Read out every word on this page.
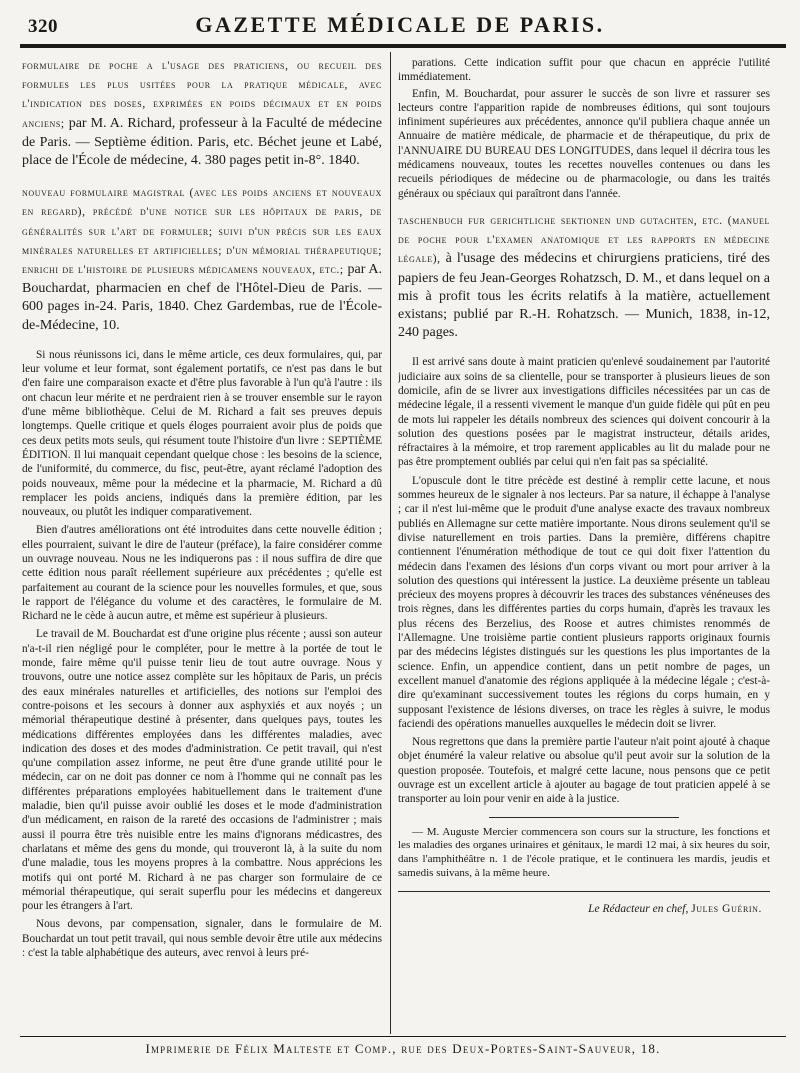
320	GAZETTE MÉDICALE DE PARIS.
formulaire de poche a l'usage des praticiens, ou recueil des formules les plus usitées pour la pratique médicale, avec l'indication des doses, exprimées en poids décimaux et en poids anciens; par M. A. Richard, professeur à la Faculté de médecine de Paris. — Septième édition. Paris, etc. Béchet jeune et Labé, place de l'École de médecine, 4. 380 pages petit in-8°. 1840.
nouveau formulaire magistral (avec les poids anciens et nouveaux en regard), précédé d'une notice sur les hôpitaux de paris, de généralités sur l'art de formuler; suivi d'un précis sur les eaux minérales naturelles et artificielles; d'un mémorial thérapeutique; enrichi de l'histoire de plusieurs médicamens nouveaux, etc.; par A. Bouchardat, pharmacien en chef de l'Hôtel-Dieu de Paris. — 600 pages in-24. Paris, 1840. Chez Gardembas, rue de l'École-de-Médecine, 10.

Si nous réunissons ici, dans le même article, ces deux formulaires, qui, par leur volume et leur format, sont également portatifs, ce n'est pas dans le but d'en faire une comparaison exacte et d'être plus favorable à l'un qu'à l'autre : ils ont chacun leur mérite et ne perdraient rien à se trouver ensemble sur le rayon d'une même bibliothèque. Celui de M. Richard a fait ses preuves depuis longtemps. Quelle critique et quels éloges pourraient avoir plus de poids que ces deux petits mots seuls, qui résument toute l'histoire d'un livre : SEPTIÈME ÉDITION. Il lui manquait cependant quelque chose : les besoins de la science, de l'uniformité, du commerce, du fisc, peut-être, ayant réclamé l'adoption des poids nouveaux, même pour la médecine et la pharmacie, M. Richard a dû remplacer les poids anciens, indiqués dans la première édition, par les nouveaux, ou plutôt les indiquer comparativement.

Bien d'autres améliorations ont été introduites dans cette nouvelle édition ; elles pourraient, suivant le dire de l'auteur (préface), la faire considérer comme un ouvrage nouveau. Nous ne les indiquerons pas : il nous suffira de dire que cette édition nous paraît réellement supérieure aux précédentes ; qu'elle est parfaitement au courant de la science pour les nouvelles formules, et que, sous le rapport de l'élégance du volume et des caractères, le formulaire de M. Richard ne le cède à aucun autre, et même est supérieur à plusieurs.

Le travail de M. Bouchardat est d'une origine plus récente ; aussi son auteur n'a-t-il rien négligé pour le compléter, pour le mettre à la portée de tout le monde, faire même qu'il puisse tenir lieu de tout autre ouvrage. Nous y trouvons, outre une notice assez complète sur les hôpitaux de Paris, un précis des eaux minérales naturelles et artificielles, des notions sur l'emploi des contre-poisons et les secours à donner aux asphyxiés et aux noyés ; un mémorial thérapeutique destiné à présenter, dans quelques pays, toutes les médications différentes employées dans les différentes maladies, avec indication des doses et des modes d'administration. Ce petit travail, qui n'est qu'une compilation assez informe, ne peut être d'une grande utilité pour le médecin, car on ne doit pas donner ce nom à l'homme qui ne connaît pas les différentes préparations employées habituellement dans le traitement d'une maladie, bien qu'il puisse avoir oublié les doses et le mode d'administration d'un médicament, en raison de la rareté des occasions de l'administrer ; mais aussi il pourra être très nuisible entre les mains d'ignorans médicastres, des charlatans et même des gens du monde, qui trouveront là, à la suite du nom d'une maladie, tous les moyens propres à la combattre. Nous apprécions les motifs qui ont porté M. Richard à ne pas charger son formulaire de ce mémorial thérapeutique, qui serait superflu pour les médecins et dangereux pour les étrangers à l'art.

Nous devons, par compensation, signaler, dans le formulaire de M. Bouchardat un tout petit travail, qui nous semble devoir être utile aux médecins : c'est la table alphabétique des auteurs, avec renvoi à leurs pré-

parations. Cette indication suffit pour que chacun en apprécie l'utilité immédiatement.

Enfin, M. Bouchardat, pour assurer le succès de son livre et rassurer ses lecteurs contre l'apparition rapide de nombreuses éditions, qui sont toujours infiniment supérieures aux précédentes, annonce qu'il publiera chaque année un Annuaire de matière médicale, de pharmacie et de thérapeutique, du prix de l'ANNUAIRE DU BUREAU DES LONGITUDES, dans lequel il décrira tous les médicamens nouveaux, toutes les recettes nouvelles contenues ou dans les recueils périodiques de médecine ou de pharmacologie, ou dans les traités généraux ou spéciaux qui paraîtront dans l'année.

taschenbuch fur gerichtliche sektionen und gutachten, etc. (manuel de poche pour l'examen anatomique et les rapports en médecine légale), à l'usage des médecins et chirurgiens praticiens, tiré des papiers de feu Jean-Georges Rohatzsch, D. M., et dans lequel on a mis à profit tous les écrits relatifs à la matière, actuellement existans; publié par R.-H. Rohatzsch. — Munich, 1838, in-12, 240 pages.

Il est arrivé sans doute à maint praticien qu'enlevé soudainement par l'autorité judiciaire aux soins de sa clientelle, pour se transporter à plusieurs lieues de son domicile, afin de se livrer aux investigations difficiles nécessitées par un cas de médecine légale, il a ressenti vivement le manque d'un guide fidèle qui pût en peu de mots lui rappeler les détails nombreux des sciences qui doivent concourir à la solution des questions posées par le magistrat instructeur, détails arides, réfractaires à la mémoire, et trop rarement applicables au lit du malade pour ne pas être promptement oubliés par celui qui n'en fait pas sa spécialité.

L'opuscule dont le titre précède est destiné à remplir cette lacune, et nous sommes heureux de le signaler à nos lecteurs. Par sa nature, il échappe à l'analyse ; car il n'est lui-même que le produit d'une analyse exacte des travaux nombreux publiés en Allemagne sur cette matière importante. Nous dirons seulement qu'il se divise naturellement en trois parties. Dans la première, différens chapitre contiennent l'énumération méthodique de tout ce qui doit fixer l'attention du médecin dans l'examen des lésions d'un corps vivant ou mort pour arriver à la solution des questions qui intéressent la justice. La deuxième présente un tableau précieux des moyens propres à découvrir les traces des substances vénéneuses des trois règnes, dans les différentes parties du corps humain, d'après les travaux les plus récens des Berzelius, des Roose et autres chimistes renommés de l'Allemagne. Une troisième partie contient plusieurs rapports originaux fournis par des médecins légistes distingués sur les questions les plus importantes de la science. Enfin, un appendice contient, dans un petit nombre de pages, un excellent manuel d'anatomie des régions appliquée à la médecine légale ; c'est-à-dire qu'examinant successivement toutes les régions du corps humain, en y supposant l'existence de lésions diverses, on trace les règles à suivre, le modus faciendi des opérations manuelles auxquelles le médecin doit se livrer.

Nous regrettons que dans la première partie l'auteur n'ait point ajouté à chaque objet énuméré la valeur relative ou absolue qu'il peut avoir sur la solution de la question proposée. Toutefois, et malgré cette lacune, nous pensons que ce petit ouvrage est un excellent article à ajouter au bagage de tout praticien appelé à se transporter au loin pour venir en aide à la justice.

— M. Auguste Mercier commencera son cours sur la structure, les fonctions et les maladies des organes urinaires et génitaux, le mardi 12 mai, à six heures du soir, dans l'amphithéâtre n. 1 de l'école pratique, et le continuera les mardis, jeudis et samedis suivans, à la même heure.

Le Rédacteur en chef, Jules Guérin.

Imprimerie de Félix Malteste et Comp., rue des Deux-Portes-Saint-Sauveur, 18.
